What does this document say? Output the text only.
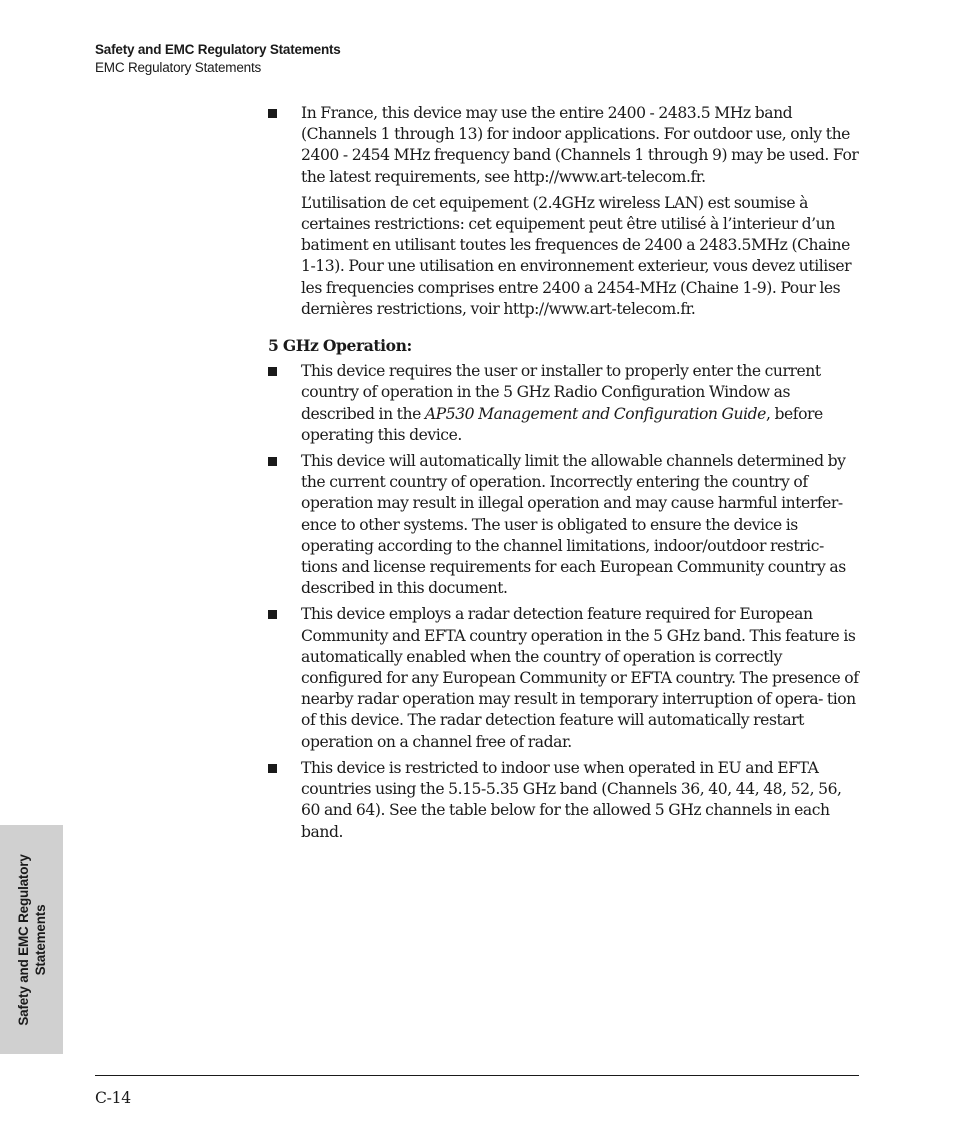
Safety and EMC Regulatory Statements
EMC Regulatory Statements

In France, this device may use the entire 2400 - 2483.5 MHz band (Channels 1 through 13) for indoor applications. For outdoor use, only the 2400 - 2454 MHz frequency band (Channels 1 through 9) may be used. For the latest requirements, see http://www.art-telecom.fr.

L’utilisation de cet equipement (2.4GHz wireless LAN) est soumise à certaines restrictions: cet equipement peut être utilisé à l’interieur d’un batiment en utilisant toutes les frequences de 2400 a 2483.5MHz (Chaine 1-13). Pour une utilisation en environnement exterieur, vous devez utiliser les frequencies comprises entre 2400 a 2454-MHz (Chaine 1-9). Pour les dernières restrictions, voir http://www.art-telecom.fr.

5 GHz Operation:

This device requires the user or installer to properly enter the current country of operation in the 5 GHz Radio Configuration Window as described in the AP530 Management and Configuration Guide, before operating this device.

This device will automatically limit the allowable channels determined by the current country of operation. Incorrectly entering the country of operation may result in illegal operation and may cause harmful interfer- ence to other systems. The user is obligated to ensure the device is operating according to the channel limitations, indoor/outdoor restric- tions and license requirements for each European Community country as described in this document.

This device employs a radar detection feature required for European Community and EFTA country operation in the 5 GHz band. This feature is automatically enabled when the country of operation is correctly configured for any European Community or EFTA country. The presence of nearby radar operation may result in temporary interruption of opera- tion of this device. The radar detection feature will automatically restart operation on a channel free of radar.

This device is restricted to indoor use when operated in EU and EFTA countries using the 5.15-5.35 GHz band (Channels 36, 40, 44, 48, 52, 56, 60 and 64). See the table below for the allowed 5 GHz channels in each band.

Safety and EMC Regulatory Statements
C-14
